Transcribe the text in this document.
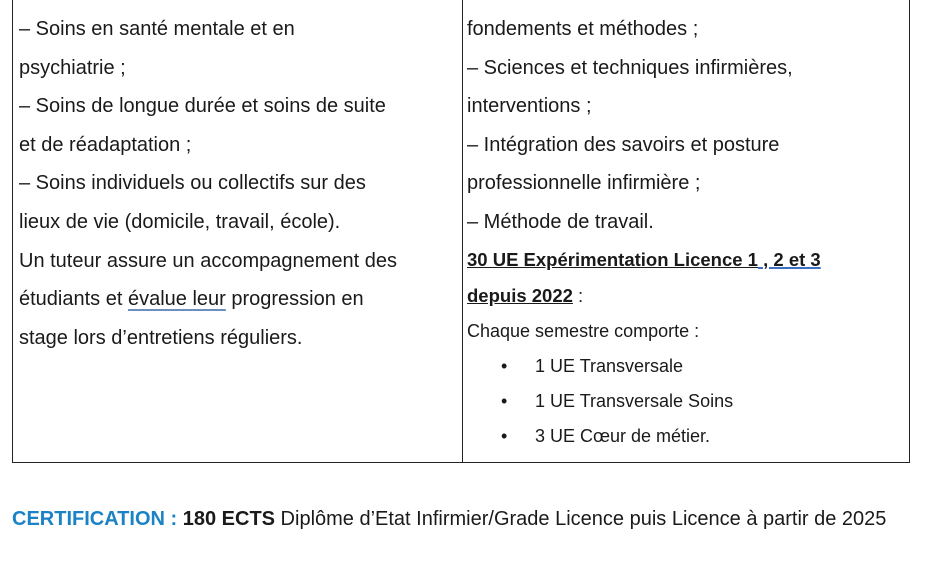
– Soins en santé mentale et en
psychiatrie ;
– Soins de longue durée et soins de suite
et de réadaptation ;
– Soins individuels ou collectifs sur des
lieux de vie (domicile, travail, école).
Un tuteur assure un accompagnement des
étudiants et évalue leur progression en
stage lors d’entretiens réguliers.
fondements et méthodes ;
– Sciences et techniques infirmières,
interventions ;
– Intégration des savoirs et posture
professionnelle infirmière ;
– Méthode de travail.
30 UE Expérimentation Licence 1 , 2 et 3
depuis 2022 :
Chaque semestre comporte :
• 1 UE Transversale
• 1 UE Transversale Soins
• 3 UE Cœur de métier.
CERTIFICATION : 180 ECTS Diplôme d’Etat Infirmier/Grade Licence puis Licence à partir de 2025
